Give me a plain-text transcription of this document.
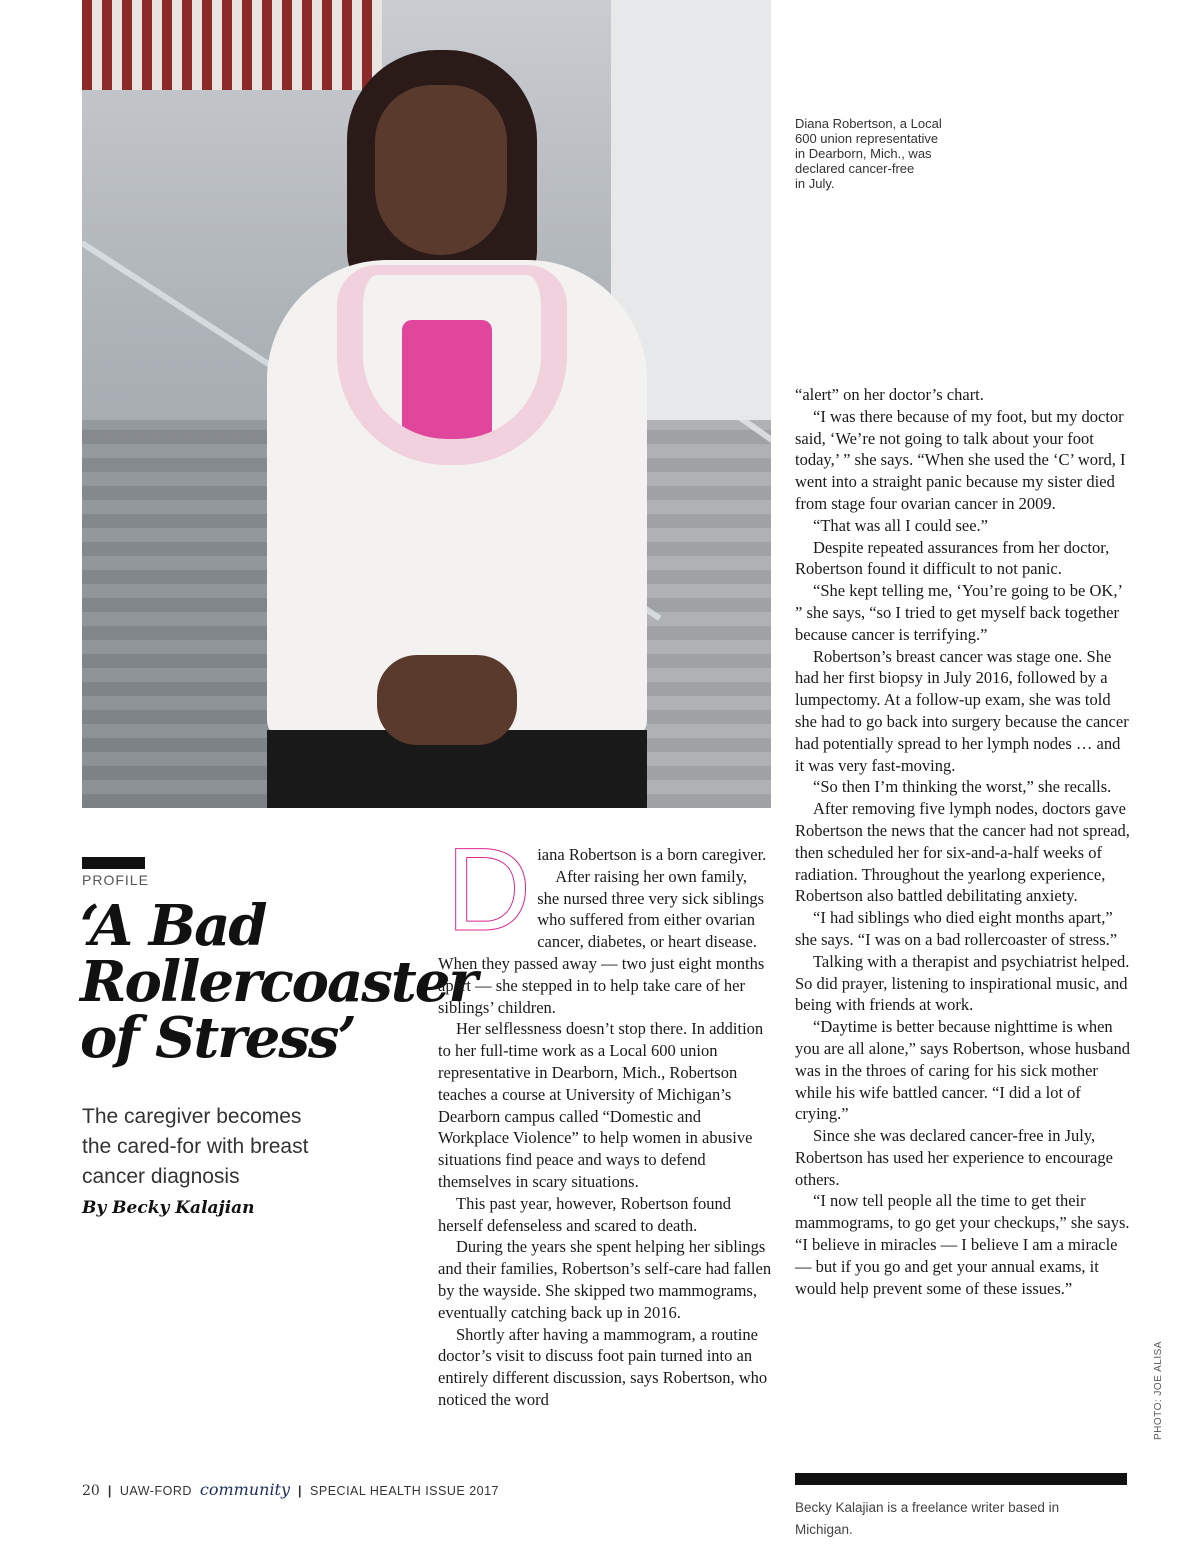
Diana Robertson, a Local
600 union representative
in Dearborn, Mich., was
declared cancer-free
in July.
PROFILE
‘A Bad
Rollercoaster
of Stress’
The caregiver becomes
the cared-for with breast
cancer diagnosis
By Becky Kalajian
D iana Robertson is a born caregiver.

After raising her own family, she nursed three very sick siblings who suffered from either ovarian cancer, diabetes, or heart disease. When they passed away — two just eight months apart — she stepped in to help take care of her siblings’ children.

Her selflessness doesn’t stop there. In addition to her full-time work as a Local 600 union representative in Dearborn, Mich., Robertson teaches a course at University of Michigan’s Dearborn campus called “Domestic and Workplace Violence” to help women in abusive situations find peace and ways to defend themselves in scary situations.

This past year, however, Robertson found herself defenseless and scared to death.

During the years she spent helping her siblings and their families, Robertson’s self-care had fallen by the wayside. She skipped two mammograms, eventually catching back up in 2016.

Shortly after having a mammogram, a routine doctor’s visit to discuss foot pain turned into an entirely different discussion, says Robertson, who noticed the word

“alert” on her doctor’s chart.

“I was there because of my foot, but my doctor said, ‘We’re not going to talk about your foot today,’ ” she says. “When she used the ‘C’ word, I went into a straight panic because my sister died from stage four ovarian cancer in 2009.

“That was all I could see.”

Despite repeated assurances from her doctor, Robertson found it difficult to not panic.

“She kept telling me, ‘You’re going to be OK,’ ” she says, “so I tried to get myself back together because cancer is terrifying.”

Robertson’s breast cancer was stage one. She had her first biopsy in July 2016, followed by a lumpectomy. At a follow-up exam, she was told she had to go back into surgery because the cancer had potentially spread to her lymph nodes … and it was very fast-moving.

“So then I’m thinking the worst,” she recalls.

After removing five lymph nodes, doctors gave Robertson the news that the cancer had not spread, then scheduled her for six-and-a-half weeks of radiation. Throughout the yearlong experience, Robertson also battled debilitating anxiety.

“I had siblings who died eight months apart,” she says. “I was on a bad rollercoaster of stress.”

Talking with a therapist and psychiatrist helped. So did prayer, listening to inspirational music, and being with friends at work.

“Daytime is better because nighttime is when you are all alone,” says Robertson, whose husband was in the throes of caring for his sick mother while his wife battled cancer. “I did a lot of crying.”

Since she was declared cancer-free in July, Robertson has used her experience to encourage others.

“I now tell people all the time to get their mammograms, to go get your checkups,” she says. “I believe in miracles — I believe I am a miracle — but if you go and get your annual exams, it would help prevent some of these issues.”

Becky Kalajian is a freelance writer based in Michigan.
PHOTO: JOE ALISA
20 | UAW-FORD community | SPECIAL HEALTH ISSUE 2017
